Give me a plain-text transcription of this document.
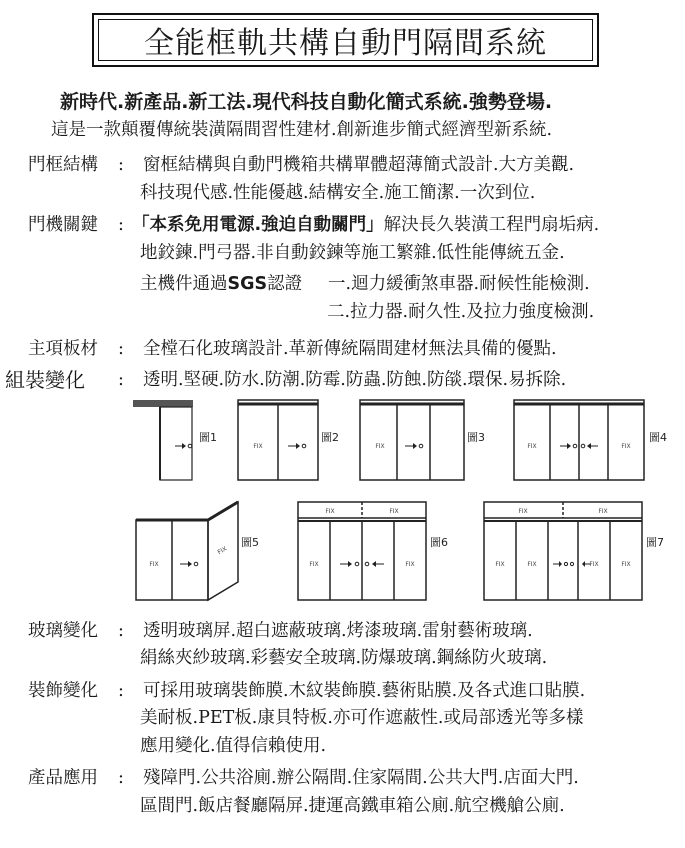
全能框軌共構自動門隔間系統
新時代.新產品.新工法.現代科技自動化簡式系統.強勢登場.
這是一款顛覆傳統裝潢隔間習性建材.創新進步簡式經濟型新系統.
門框結構 : 窗框結構與自動門機箱共構單體超薄簡式設計.大方美觀.
科技現代感.性能優越.結構安全.施工簡潔.一次到位.
門機關鍵 : 「本系免用電源.強迫自動關門」解決長久裝潢工程門扇垢病.
地鉸鍊.門弓器.非自動鉸鍊等施工繁雜.低性能傳統五金.
主機件通過SGS認證 一.迴力緩衝煞車器.耐候性能檢測.
二.拉力器.耐久性.及拉力強度檢測.
主項板材 : 全樘石化玻璃設計.革新傳統隔間建材無法具備的優點.
組裝變化 : 透明.堅硬.防水.防潮.防霉.防蟲.防蝕.防燄.環保.易拆除.
FIX	FIX	FIX	FIX
FIX
FIX
FIX	FIX
FIX	FIX
FIX	FIX
FIX	FIX	FIX	FIX
圖1	圖2	圖3	圖4
圖5	圖6	圖7
玻璃變化 : 透明玻璃屏.超白遮蔽玻璃.烤漆玻璃.雷射藝術玻璃.
絹絲夾紗玻璃.彩藝安全玻璃.防爆玻璃.鋼絲防火玻璃.
裝飾變化 : 可採用玻璃裝飾膜.木紋裝飾膜.藝術貼膜.及各式進口貼膜.
美耐板.PET板.康貝特板.亦可作遮蔽性.或局部透光等多樣
應用變化.值得信賴使用.
產品應用 : 殘障門.公共浴廁.辦公隔間.住家隔間.公共大門.店面大門.
區間門.飯店餐廳隔屏.捷運高鐵車箱公廁.航空機艙公廁.
